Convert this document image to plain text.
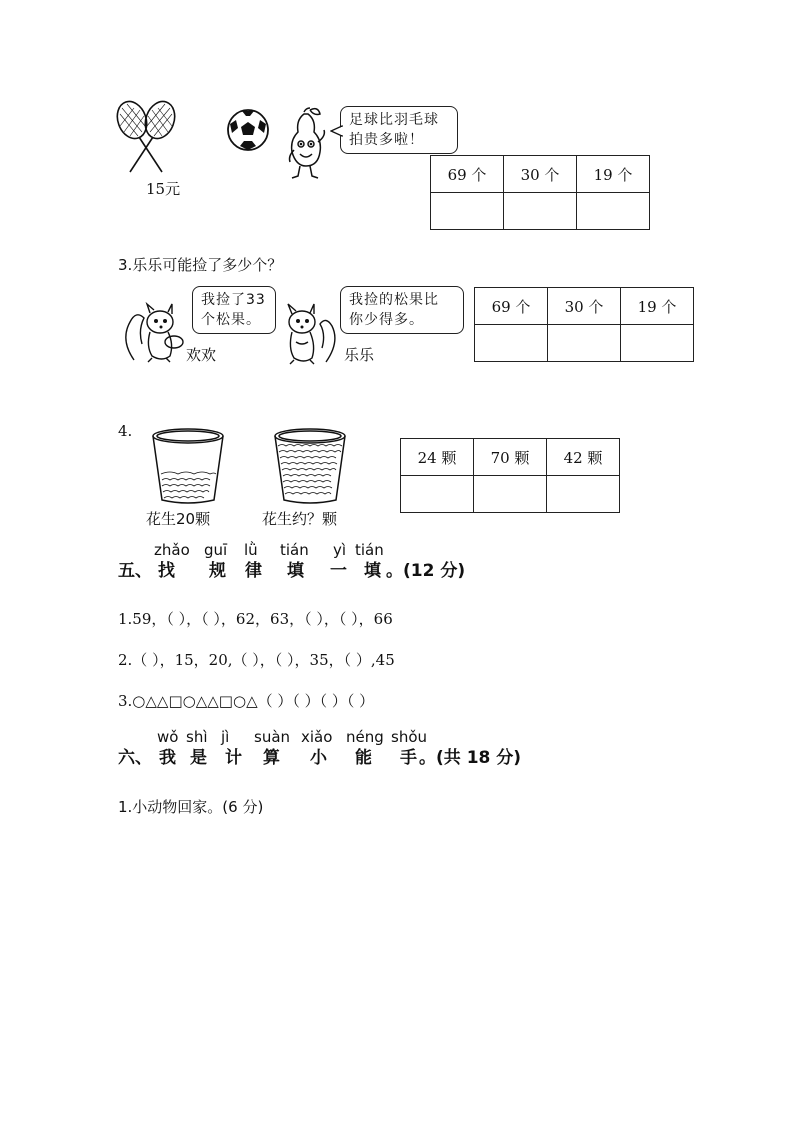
15元
足球比羽毛球
拍贵多啦！
69 个	30 个	19 个

3.乐乐可能捡了多少个？
我捡了33
个松果。
欢欢
我捡的松果比
你少得多。
乐乐
69 个	30 个	19 个

4.
花生20颗	花生约？颗
24 颗	70 颗	42 颗

五、
zhǎo guī lǜ tián yì tián
找 规 律 填 一 填 。(12 分)
1.59，（ ），（ ），62，63，（ ），（ ），66
2.（ ），15，20,（ ），（ ），35，（ ）,45
3.○△△□○△△□○△（ ）（ ）（ ）（ ）
六、
wǒ shì jì suàn xiǎo néng shǒu
我 是 计 算 小 能 手 。(共 18 分)
1.小动物回家。(6 分)
